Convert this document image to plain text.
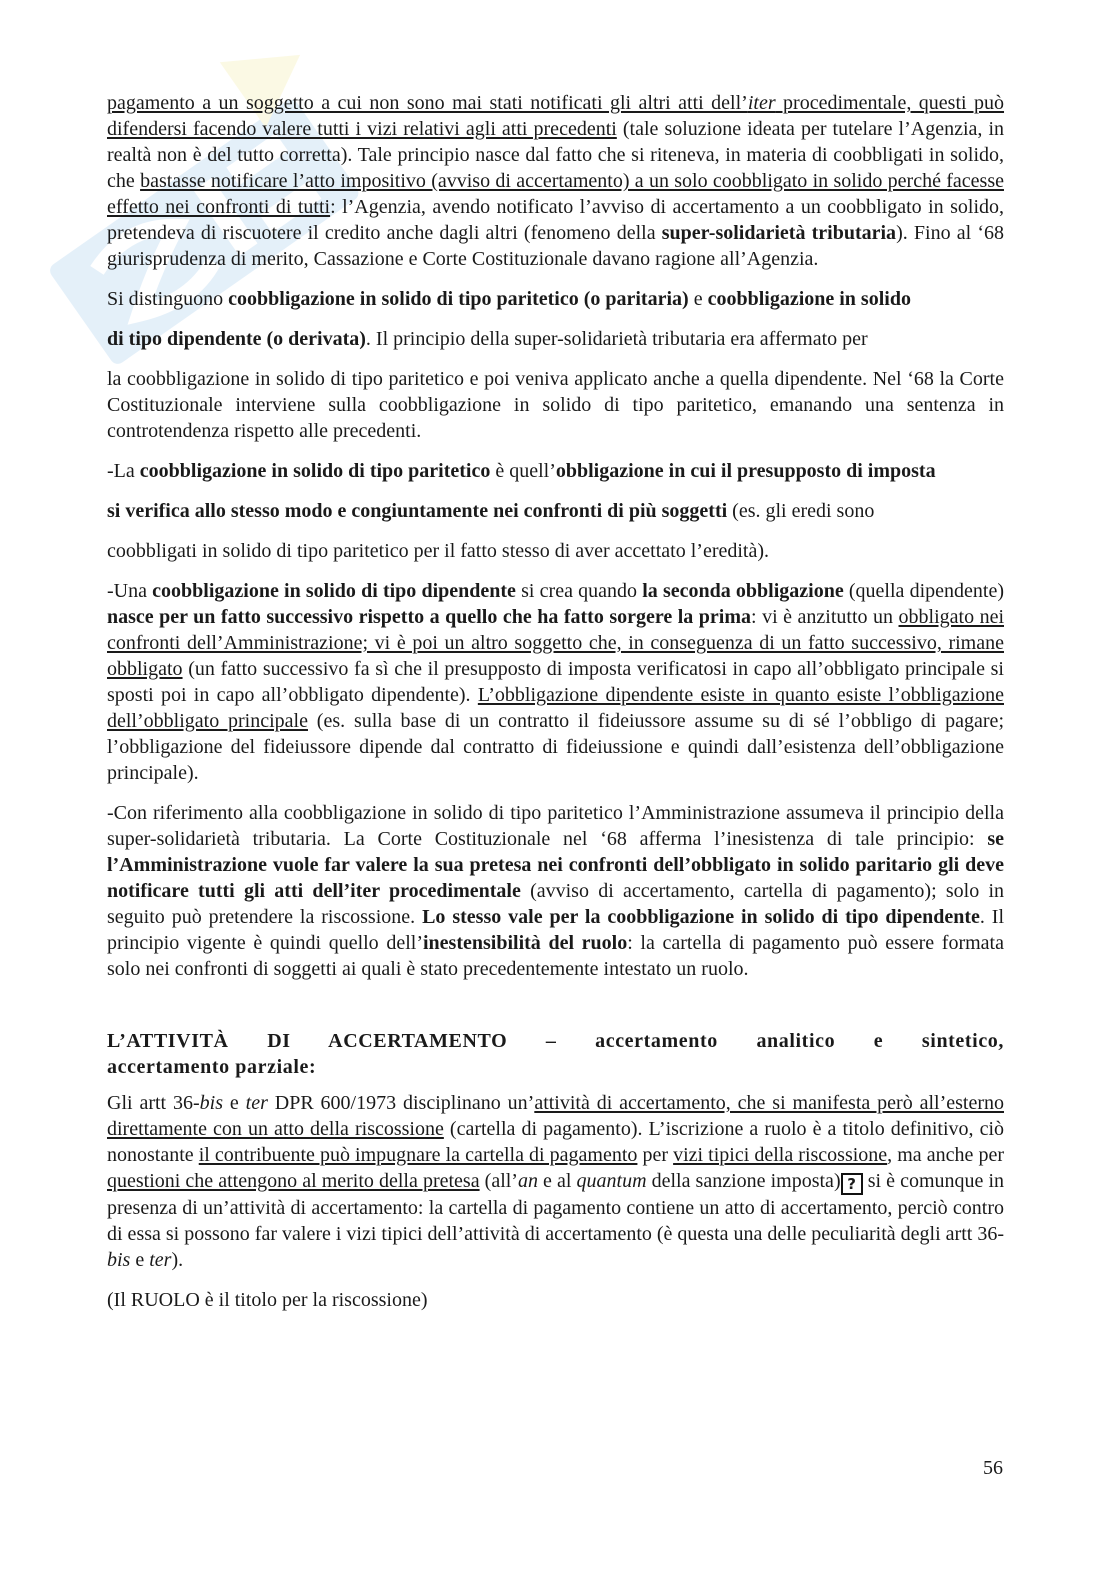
pagamento a un soggetto a cui non sono mai stati notificati gli altri atti dell’iter procedimentale, questi può difendersi facendo valere tutti i vizi relativi agli atti precedenti (tale soluzione ideata per tutelare l’Agenzia, in realtà non è del tutto corretta). Tale principio nasce dal fatto che si riteneva, in materia di coobbligati in solido, che bastasse notificare l’atto impositivo (avviso di accertamento) a un solo coobbligato in solido perché facesse effetto nei confronti di tutti: l’Agenzia, avendo notificato l’avviso di accertamento a un coobbligato in solido, pretendeva di riscuotere il credito anche dagli altri (fenomeno della super-solidarietà tributaria). Fino al ‘68 giurisprudenza di merito, Cassazione e Corte Costituzionale davano ragione all’Agenzia.

Si distinguono coobbligazione in solido di tipo paritetico (o paritaria) e coobbligazione in solido

di tipo dipendente (o derivata). Il principio della super-solidarietà tributaria era affermato per

la coobbligazione in solido di tipo paritetico e poi veniva applicato anche a quella dipendente. Nel ‘68 la Corte Costituzionale interviene sulla coobbligazione in solido di tipo paritetico, emanando una sentenza in controtendenza rispetto alle precedenti.

-La coobbligazione in solido di tipo paritetico è quell’obbligazione in cui il presupposto di imposta

si verifica allo stesso modo e congiuntamente nei confronti di più soggetti (es. gli eredi sono

coobbligati in solido di tipo paritetico per il fatto stesso di aver accettato l’eredità).

-Una coobbligazione in solido di tipo dipendente si crea quando la seconda obbligazione (quella dipendente) nasce per un fatto successivo rispetto a quello che ha fatto sorgere la prima: vi è anzitutto un obbligato nei confronti dell’Amministrazione; vi è poi un altro soggetto che, in conseguenza di un fatto successivo, rimane obbligato (un fatto successivo fa sì che il presupposto di imposta verificatosi in capo all’obbligato principale si sposti poi in capo all’obbligato dipendente). L’obbligazione dipendente esiste in quanto esiste l’obbligazione dell’obbligato principale (es. sulla base di un contratto il fideiussore assume su di sé l’obbligo di pagare; l’obbligazione del fideiussore dipende dal contratto di fideiussione e quindi dall’esistenza dell’obbligazione principale).

-Con riferimento alla coobbligazione in solido di tipo paritetico l’Amministrazione assumeva il principio della super-solidarietà tributaria. La Corte Costituzionale nel ‘68 afferma l’inesistenza di tale principio: se l’Amministrazione vuole far valere la sua pretesa nei confronti dell’obbligato in solido paritario gli deve notificare tutti gli atti dell’iter procedimentale (avviso di accertamento, cartella di pagamento); solo in seguito può pretendere la riscossione. Lo stesso vale per la coobbligazione in solido di tipo dipendente. Il principio vigente è quindi quello dell’inestensibilità del ruolo: la cartella di pagamento può essere formata solo nei confronti di soggetti ai quali è stato precedentemente intestato un ruolo.

L’ATTIVITÀ DI ACCERTAMENTO – accertamento analitico e sintetico,
accertamento parziale:

Gli artt 36-bis e ter DPR 600/1973 disciplinano un’attività di accertamento, che si manifesta però all’esterno direttamente con un atto della riscossione (cartella di pagamento). L’iscrizione a ruolo è a titolo definitivo, ciò nonostante il contribuente può impugnare la cartella di pagamento per vizi tipici della riscossione, ma anche per questioni che attengono al merito della pretesa (all’an e al quantum della sanzione imposta) ? si è comunque in presenza di un’attività di accertamento: la cartella di pagamento contiene un atto di accertamento, perciò contro di essa si possono far valere i vizi tipici dell’attività di accertamento (è questa una delle peculiarità degli artt 36-bis e ter).

(Il RUOLO è il titolo per la riscossione)

56
